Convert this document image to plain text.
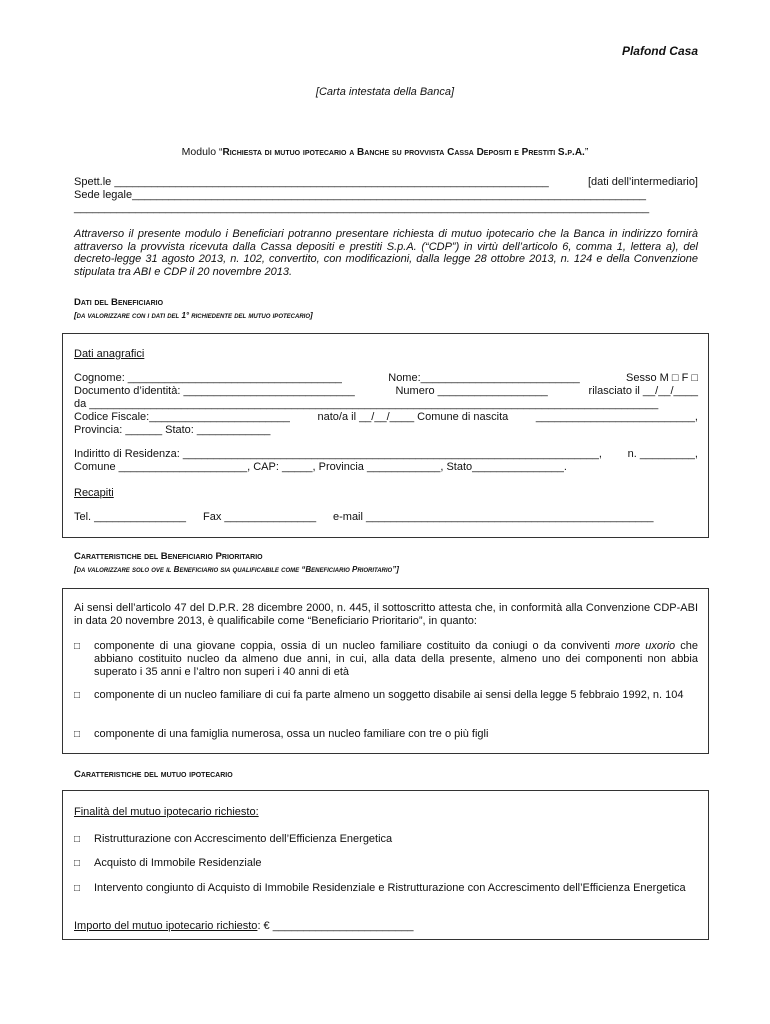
Plafond Casa
[Carta intestata della Banca]
Modulo “Richiesta di mutuo ipotecario a Banche su provvista Cassa Depositi e Prestiti S.p.A.”
Spett.le _______________________________________________________________________	[dati dell’intermediario]
Sede legale____________________________________________________________________________________
______________________________________________________________________________________________
Attraverso il presente modulo i Beneficiari potranno presentare richiesta di mutuo ipotecario che la Banca in indirizzo fornirà attraverso la provvista ricevuta dalla Cassa depositi e prestiti S.p.A. (“CDP”) in virtù dell’articolo 6, comma 1, lettera a), del decreto-legge 31 agosto 2013, n. 102, convertito, con modificazioni, dalla legge 28 ottobre 2013, n. 124 e della Convenzione stipulata tra ABI e CDP il 20 novembre 2013.
Dati del Beneficiario
[da valorizzare con i dati del 1° richiedente del mutuo ipotecario]
Dati anagrafici
Cognome: ___________________________________	Nome:__________________________	Sesso M □ F □
Documento d’identità: ____________________________	Numero __________________	rilasciato il __/__/____
da _____________________________________________________________________________________________
Codice Fiscale:_______________________	nato/a il __/__/____ Comune di nascita	__________________________,
Provincia: ______ Stato: ____________
Indiritto di Residenza: ____________________________________________________________________, n. _________,
Comune _____________________, CAP: _____, Provincia ____________, Stato_______________.
Recapiti
Tel. _______________ Fax _______________ e-mail _______________________________________________
Caratteristiche del Beneficiario Prioritario
[da valorizzare solo ove il Beneficiario sia qualificabile come “Beneficiario Prioritario”]
Ai sensi dell’articolo 47 del D.P.R. 28 dicembre 2000, n. 445, il sottoscritto attesta che, in conformità alla Convenzione CDP-ABI in data 20 novembre 2013, è qualificabile come “Beneficiario Prioritario”, in quanto:
□ componente di una giovane coppia, ossia di un nucleo familiare costituito da coniugi o da conviventi more uxorio che abbiano costituito nucleo da almeno due anni, in cui, alla data della presente, almeno uno dei componenti non abbia superato i 35 anni e l’altro non superi i 40 anni di età
□ componente di un nucleo familiare di cui fa parte almeno un soggetto disabile ai sensi della legge 5 febbraio 1992, n. 104
□ componente di una famiglia numerosa, ossa un nucleo familiare con tre o più figli
Caratteristiche del mutuo ipotecario
Finalità del mutuo ipotecario richiesto:
□ Ristrutturazione con Accrescimento dell’Efficienza Energetica
□ Acquisto di Immobile Residenziale
□ Intervento congiunto di Acquisto di Immobile Residenziale e Ristrutturazione con Accrescimento dell’Efficienza Energetica
Importo del mutuo ipotecario richiesto: € _______________________
